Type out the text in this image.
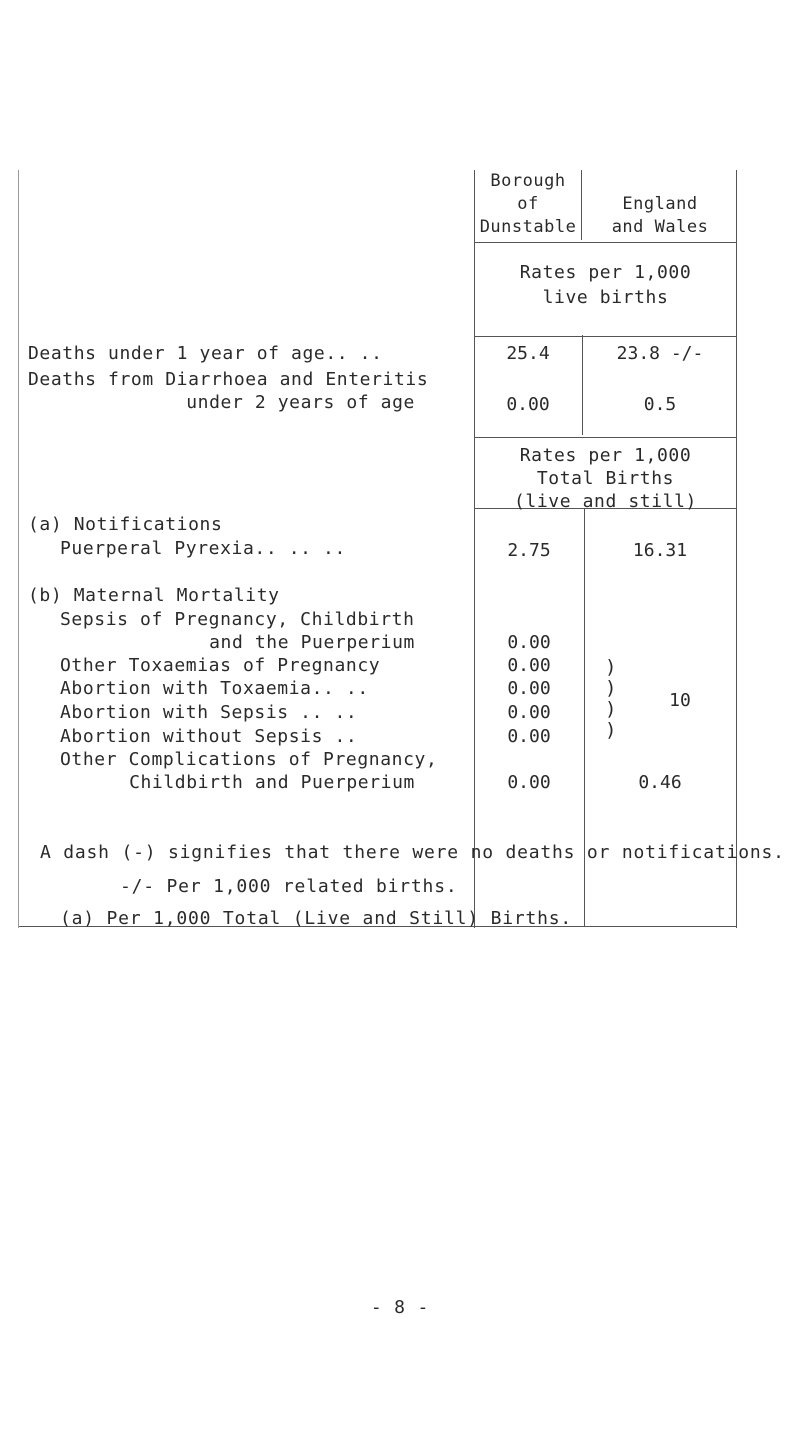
Borough
of
Dunstable
England
and Wales
Rates per 1,000
live births
Rates per 1,000
Total Births
(live and still)
Deaths under 1 year of age.. ..
Deaths from Diarrhoea and Enteritis
under 2 years of age
(a) Notifications
Puerperal Pyrexia.. .. ..
(b) Maternal Mortality
Sepsis of Pregnancy, Childbirth
and the Puerperium
Other Toxaemias of Pregnancy
Abortion with Toxaemia.. ..
Abortion with Sepsis .. ..
Abortion without Sepsis ..
Other Complications of Pregnancy,
Childbirth and Puerperium
25.4
0.00
2.75
0.00
0.00
0.00
0.00
0.00
0.00
23.8 -/-
0.5
16.31
)
)
)
)
10
0.46
A dash (-) signifies that there were no deaths or notifications.
-/- Per 1,000 related births.
(a) Per 1,000 Total (Live and Still) Births.
- 8 -
